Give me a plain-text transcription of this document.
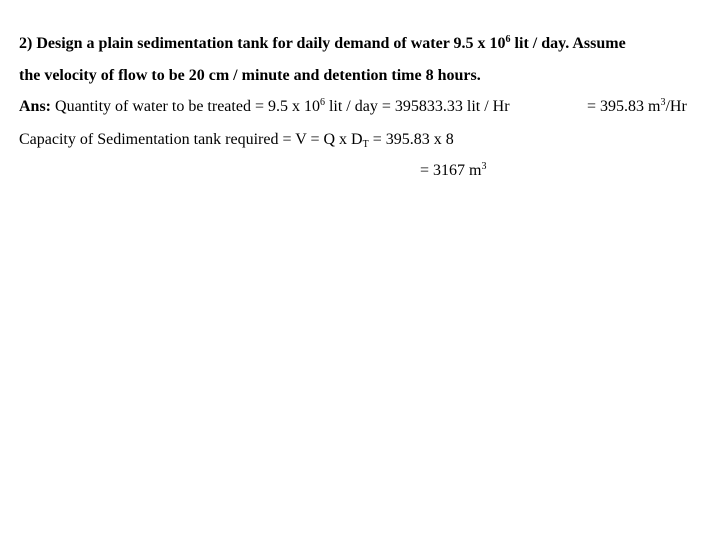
2) Design a plain sedimentation tank for daily demand of water 9.5 x $10^6$ lit / day. Assume
the velocity of flow to be 20 cm / minute and detention time 8 hours.
Ans: Quantity of water to be treated = 9.5 x $10^6$ lit / day = 395833.33 lit / Hr	= 395.83 $m^3/Hr$
Capacity of Sedimentation tank required = V = Q x $D_T = 395.83$ x 8
= 3167 $m^3$
